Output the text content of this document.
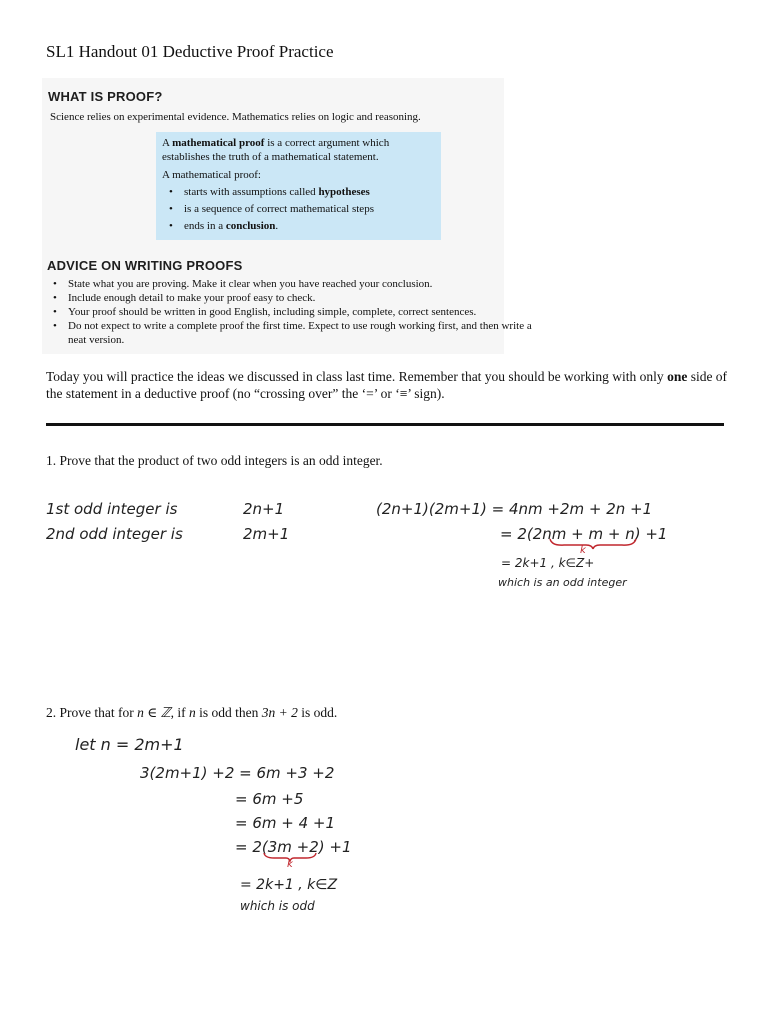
SL1 Handout 01 Deductive Proof Practice
WHAT IS PROOF?
Science relies on experimental evidence. Mathematics relies on logic and reasoning.
A mathematical proof is a correct argument which establishes the truth of a mathematical statement.
A mathematical proof:
• starts with assumptions called hypotheses
• is a sequence of correct mathematical steps
• ends in a conclusion.
ADVICE ON WRITING PROOFS
• State what you are proving. Make it clear when you have reached your conclusion.
• Include enough detail to make your proof easy to check.
• Your proof should be written in good English, including simple, complete, correct sentences.
• Do not expect to write a complete proof the first time. Expect to use rough working first, and then write a neat version.
Today you will practice the ideas we discussed in class last time. Remember that you should be working with only one side of the statement in a deductive proof (no “crossing over” the ‘=’ or ‘≡’ sign).
1. Prove that the product of two odd integers is an odd integer.
1st odd integer is	2n+1
2nd odd integer is	2m+1
(2n+1)(2m+1) = 4nm +2m + 2n +1
= 2(2nm + m + n) +1
k
= 2k+1 , k∈Z+
which is an odd integer
2. Prove that for n ∈ ℤ, if n is odd then 3n + 2 is odd.
let n = 2m+1
3(2m+1) +2 = 6m +3 +2
= 6m +5
= 6m + 4 +1
= 2(3m +2) +1
k
= 2k+1 , k∈Z
which is odd
